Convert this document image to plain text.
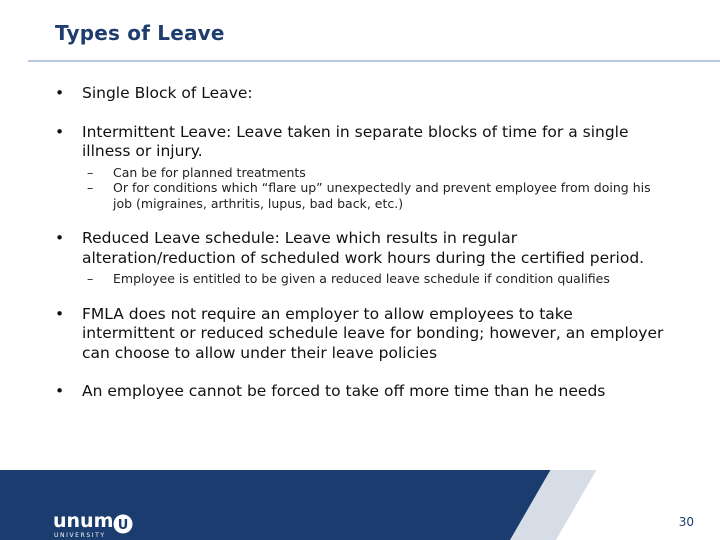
Types of Leave
• Single Block of Leave:
• Intermittent Leave: Leave taken in separate blocks of time for a single illness or injury.
– Can be for planned treatments
– Or for conditions which “flare up” unexpectedly and prevent employee from doing his job (migraines, arthritis, lupus, bad back, etc.)
• Reduced Leave schedule: Leave which results in regular alteration/reduction of scheduled work hours during the certified period.
– Employee is entitled to be given a reduced leave schedule if condition qualifies
• FMLA does not require an employer to allow employees to take intermittent or reduced schedule leave for bonding; however, an employer can choose to allow under their leave policies
• An employee cannot be forced to take off more time than he needs
unum U
UNIVERSITY
30
